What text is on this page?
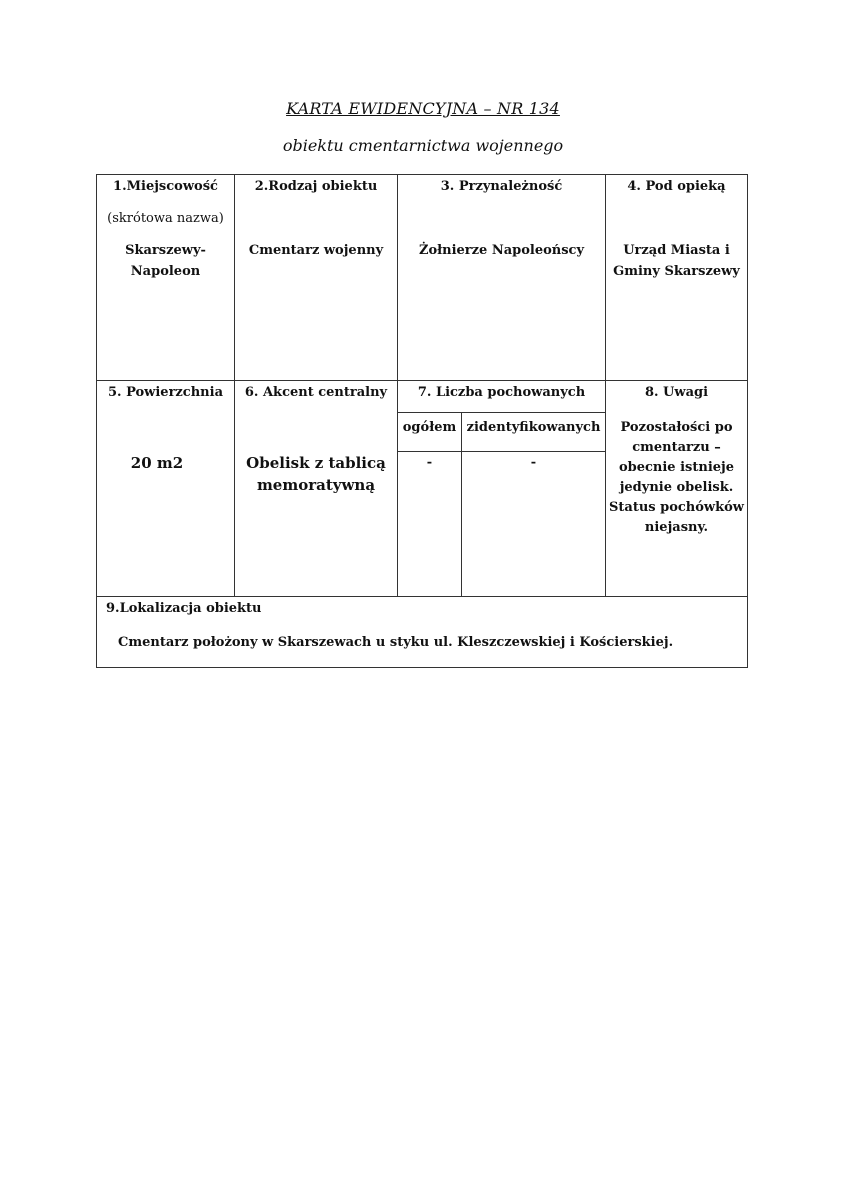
KARTA EWIDENCYJNA – NR 134
obiektu cmentarnictwa wojennego
1.Miejscowość
(skrótowa nazwa)
Skarszewy-
Napoleon
2.Rodzaj obiektu
Cmentarz wojenny
3. Przynależność
Żołnierze Napoleońscy
4. Pod opieką
Urząd Miasta i
Gminy Skarszewy
5. Powierzchnia
20 m2
6. Akcent centralny
Obelisk z tablicą
memoratywną
7. Liczba pochowanych
ogółem zidentyfikowanych
-	-
8. Uwagi
Pozostałości po
cmentarzu –
obecnie istnieje
jedynie obelisk.
Status pochówków
niejasny.
9.Lokalizacja obiektu
Cmentarz położony w Skarszewach u styku ul. Kleszczewskiej i Kościerskiej.
